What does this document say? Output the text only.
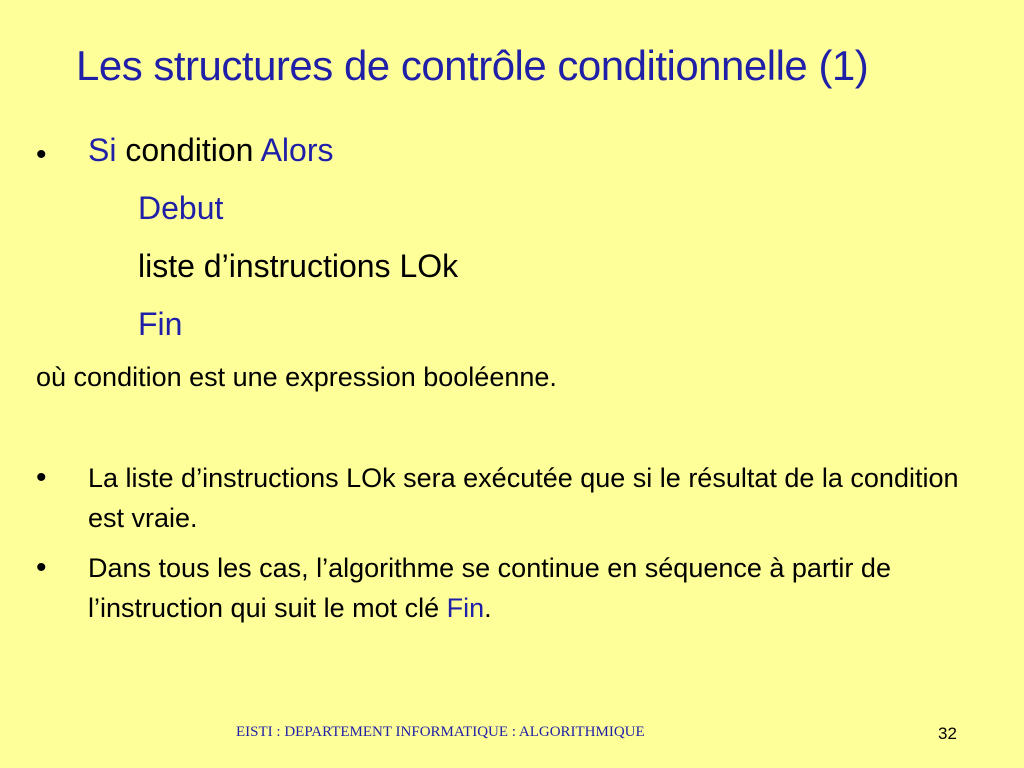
Les structures de contrôle conditionnelle (1)
• Si condition Alors
Debut
liste d’instructions LOk
Fin
où condition est une expression booléenne.
• La liste d’instructions LOk sera exécutée que si le résultat de la condition est vraie.
• Dans tous les cas, l’algorithme se continue en séquence à partir de l’instruction qui suit le mot clé Fin.
EISTI : DEPARTEMENT INFORMATIQUE : ALGORITHMIQUE	32
